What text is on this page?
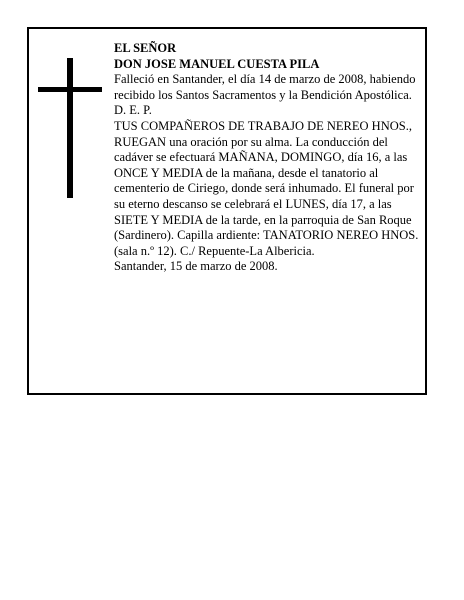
EL SEÑOR

DON JOSE MANUEL CUESTA PILA

Falleció en Santander, el día 14 de marzo de 2008, habiendo recibido los Santos Sacramentos y la Bendición Apostólica.

D. E. P.

TUS COMPAÑEROS DE TRABAJO DE NEREO HNOS.,

RUEGAN una oración por su alma. La conducción del cadáver se efectuará MAÑANA, DOMINGO, día 16, a las ONCE Y MEDIA de la mañana, desde el tanatorio al cementerio de Ciriego, donde será inhumado. El funeral por su eterno descanso se celebrará el LUNES, día 17, a las SIETE Y MEDIA de la tarde, en la parroquia de San Roque (Sardinero). Capilla ardiente: TANATORIO NEREO HNOS. (sala n.º 12). C./ Repuente-La Albericia.

Santander, 15 de marzo de 2008.
